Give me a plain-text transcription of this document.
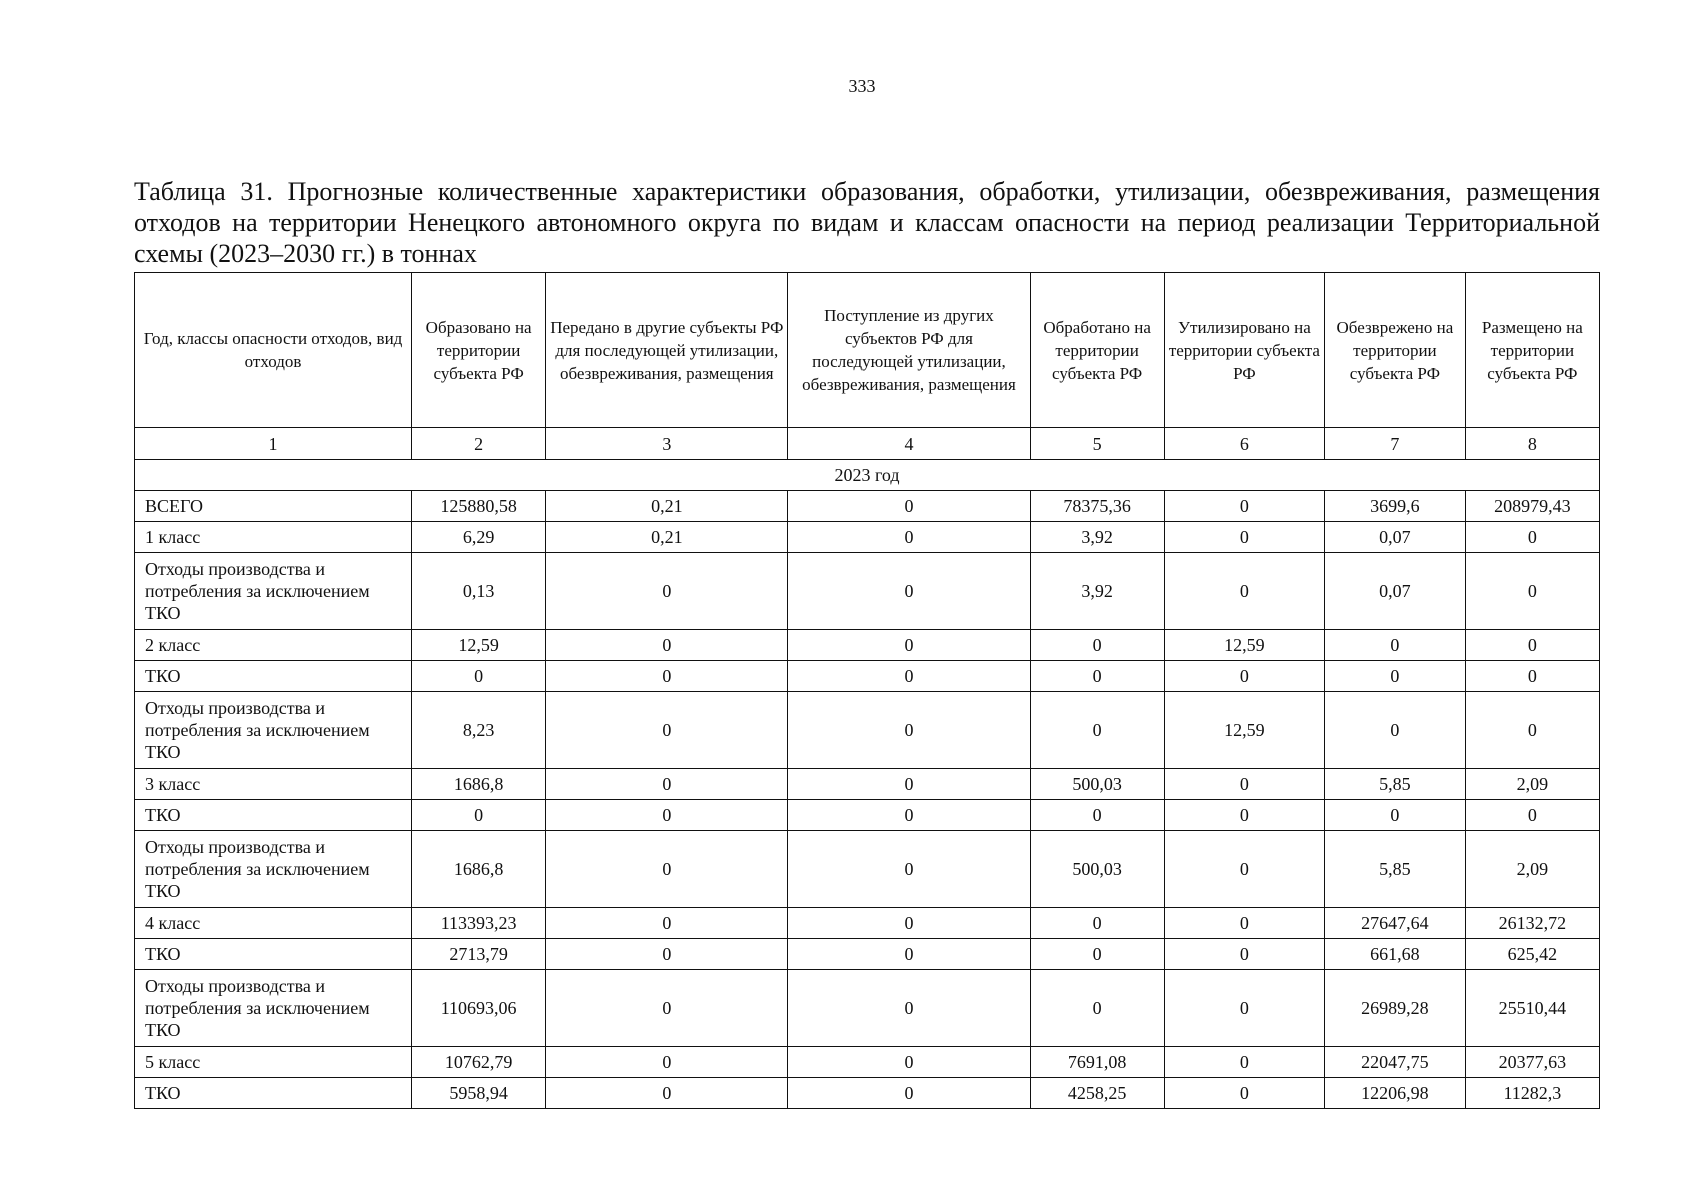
333
Таблица 31. Прогнозные количественные характеристики образования, обработки, утилизации, обезвреживания, размещения отходов на территории Ненецкого автономного округа по видам и классам опасности на период реализации Территориальной схемы (2023–2030 гг.) в тоннах
Год, классы опасности отходов, вид отходов	Образовано на территории субъекта РФ	Передано в другие субъекты РФ для последующей утилизации, обезвреживания, размещения	Поступление из других субъектов РФ для последующей утилизации, обезвреживания, размещения	Обработано на территории субъекта РФ	Утилизировано на территории субъекта РФ	Обезврежено на территории субъекта РФ	Размещено на территории субъекта РФ
1	2	3	4	5	6	7	8
2023 год							
ВСЕГО	125880,58	0,21	0	78375,36	0	3699,6	208979,43
1 класс	6,29	0,21	0	3,92	0	0,07	0

Отходы производства и потребления за исключением ТКО	0,13	0	0	3,92	0	0,07	0
2 класс	12,59	0	0	0	12,59	0	0
ТКО	0	0	0	0	0	0	0

Отходы производства и потребления за исключением ТКО	8,23	0	0	0	12,59	0	0
3 класс	1686,8	0	0	500,03	0	5,85	2,09
ТКО	0	0	0	0	0	0	0

Отходы производства и потребления за исключением ТКО	1686,8	0	0	500,03	0	5,85	2,09
4 класс	113393,23	0	0	0	0	27647,64	26132,72
ТКО	2713,79	0	0	0	0	661,68	625,42

Отходы производства и потребления за исключением ТКО	110693,06	0	0	0	0	26989,28	25510,44
5 класс	10762,79	0	0	7691,08	0	22047,75	20377,63
ТКО	5958,94	0	0	4258,25	0	12206,98	11282,3
